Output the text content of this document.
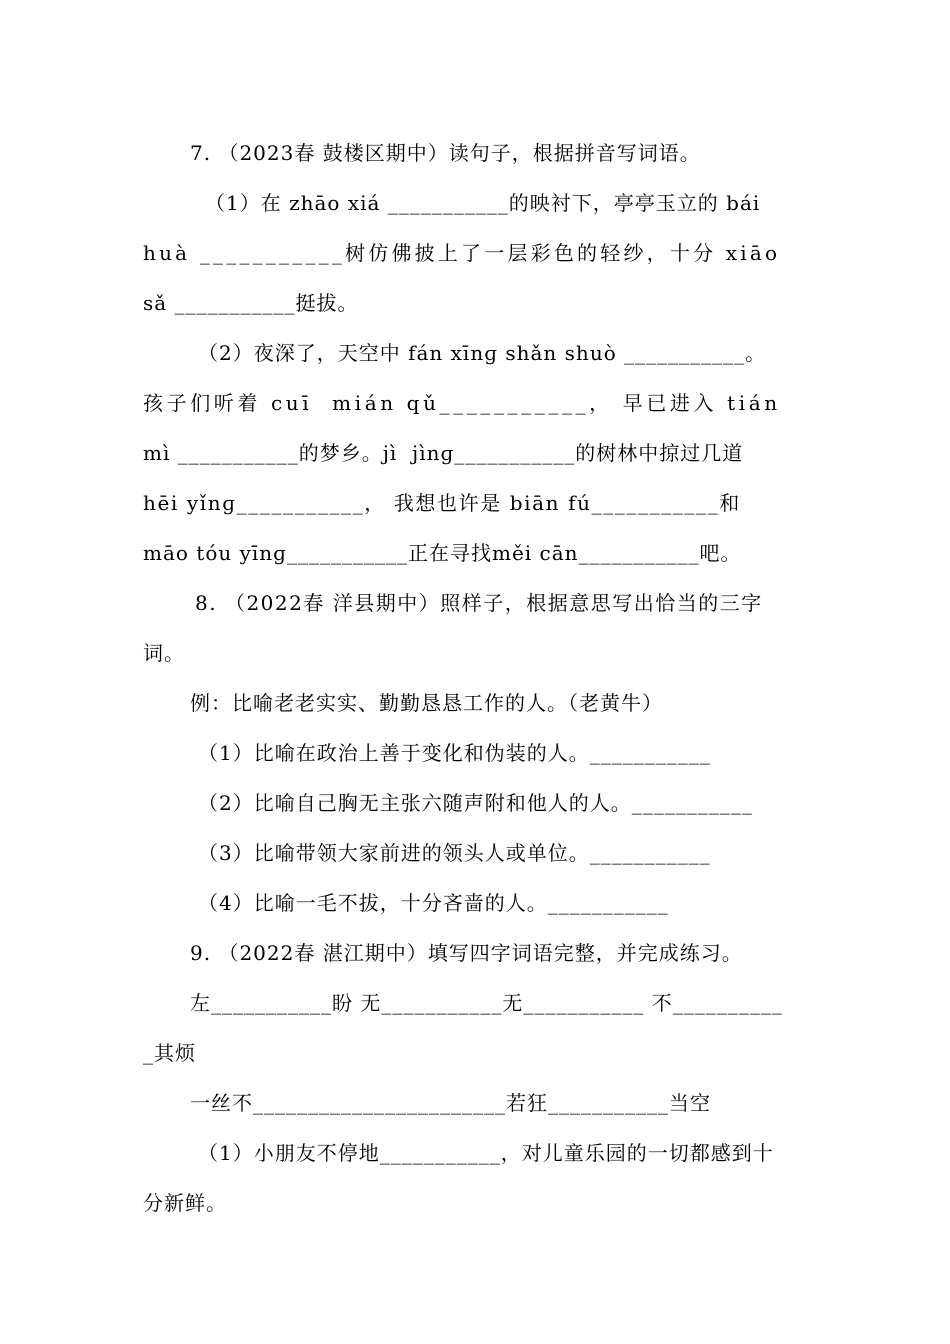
7. （2023春 鼓楼区期中）读句子，根据拼音写词语。
（1）在 zhāo xiá ___________的映衬下，亭亭玉立的 bái
huà ___________树仿佛披上了一层彩色的轻纱，十分 xiāo
sǎ ___________挺拔。
（2）夜深了，天空中 fán xīnɡ shǎn shuò ___________。
孩子们听着 cuī  mián qǔ___________， 早已进入 tián
mì ___________的梦乡。jì  jìnɡ___________的树林中掠过几道
hēi yǐnɡ___________， 我想也许是 biān fú___________和
māo tóu yīnɡ___________正在寻找měi cān___________吧。
8. （2022春 洋县期中）照样子，根据意思写出恰当的三字
词。
例：比喻老老实实、勤勤恳恳工作的人。（老黄牛）
（1）比喻在政治上善于变化和伪装的人。___________
（2）比喻自己胸无主张六随声附和他人的人。___________
（3）比喻带领大家前进的领头人或单位。___________
（4）比喻一毛不拔，十分吝啬的人。___________
9. （2022春 湛江期中）填写四字词语完整，并完成练习。
左___________盼 无___________无___________ 不__________
_其烦
一丝不_______________________若狂___________当空
（1）小朋友不停地___________，对儿童乐园的一切都感到十
分新鲜。
